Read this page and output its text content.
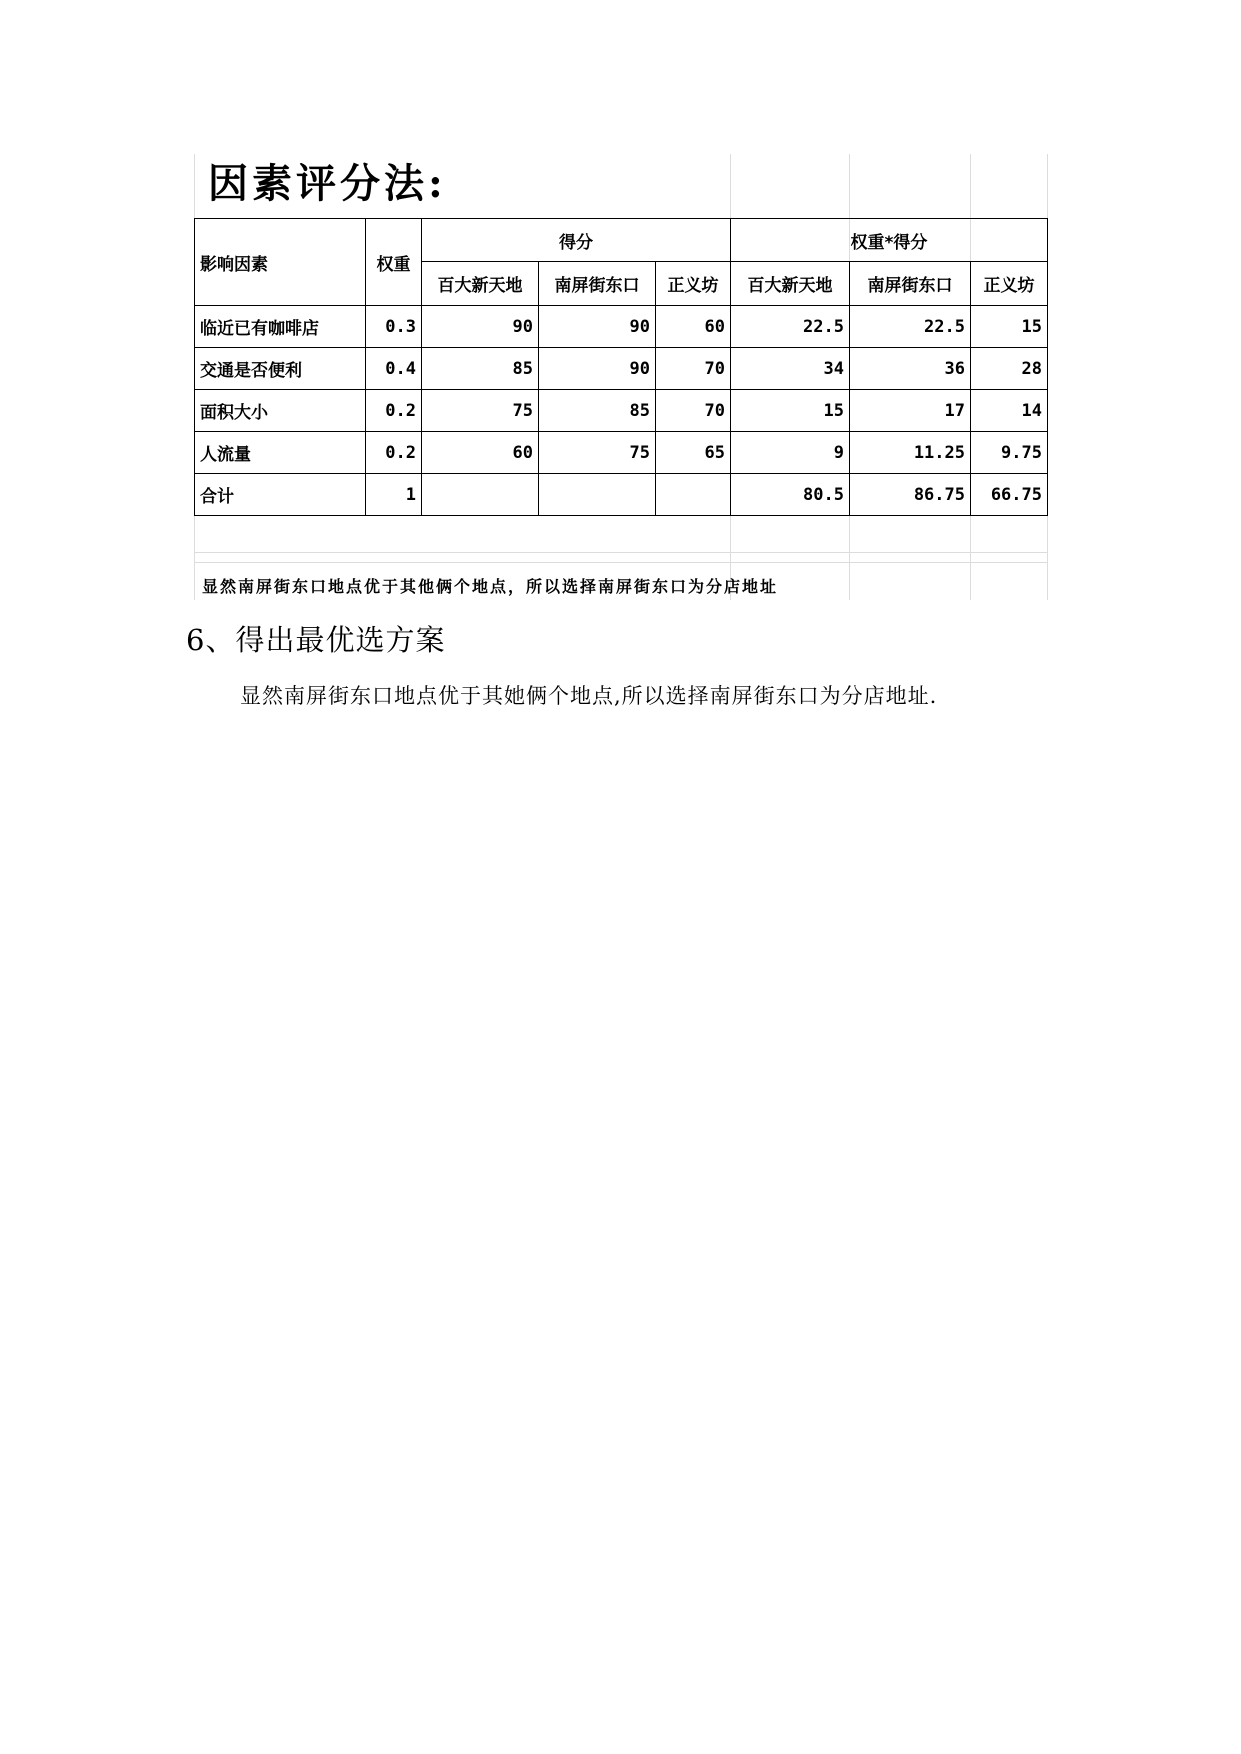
因素评分法:
影响因素	权重	得分			权重*得分		
		百大新天地	南屏街东口	正义坊	百大新天地	南屏街东口	正义坊
临近已有咖啡店	0.3	90	90	60	22.5	22.5	15
交通是否便利	0.4	85	90	70	34	36	28
面积大小	0.2	75	85	70	15	17	14
人流量	0.2	60	75	65	9	11.25	9.75
合计	1				80.5	86.75	66.75
显然南屏街东口地点优于其他俩个地点，所以选择南屏街东口为分店地址
6、得出最优选方案
显然南屏街东口地点优于其她俩个地点,所以选择南屏街东口为分店地址.
